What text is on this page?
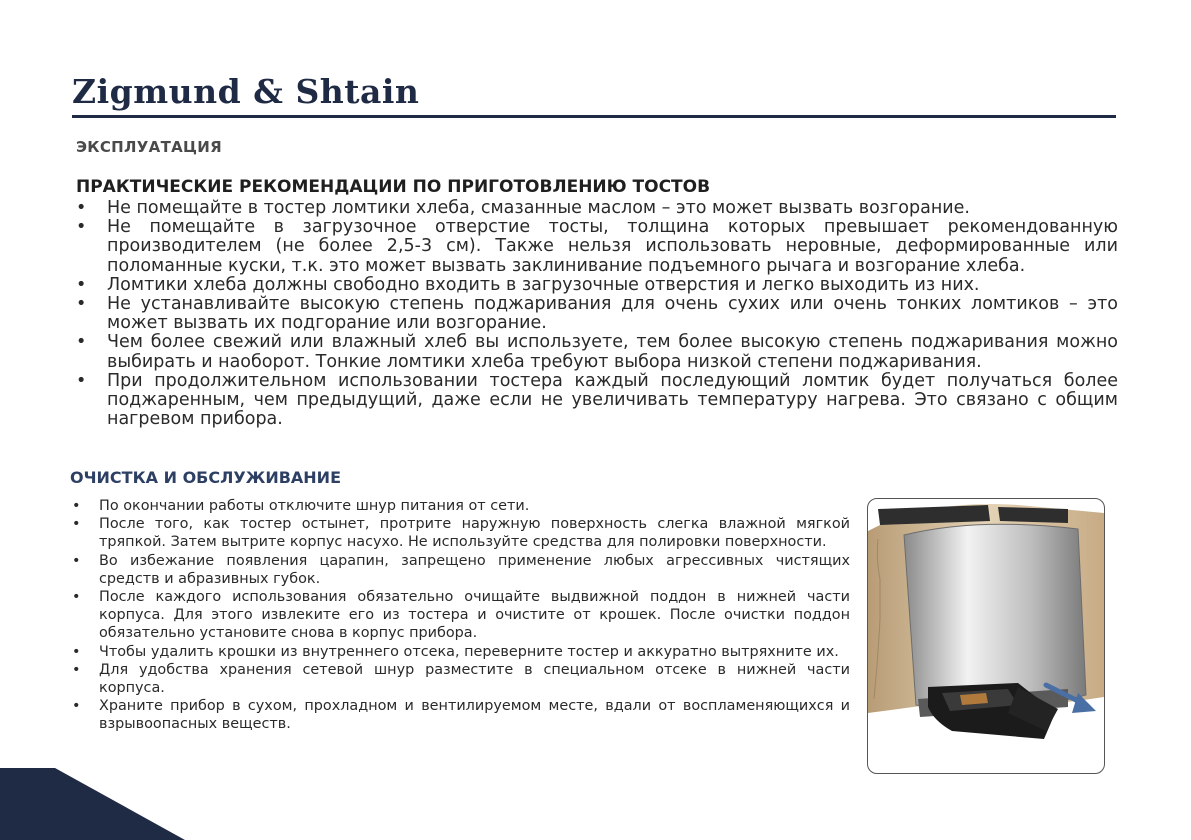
Zigmund & Shtain
ЭКСПЛУАТАЦИЯ
ПРАКТИЧЕСКИЕ РЕКОМЕНДАЦИИ ПО ПРИГОТОВЛЕНИЮ ТОСТОВ
• Не помещайте в тостер ломтики хлеба, смазанные маслом – это может вызвать возгорание.
• Не помещайте в загрузочное отверстие тосты, толщина которых превышает рекомендованную производителем (не более 2,5-3 см). Также нельзя использовать неровные, деформированные или поломанные куски, т.к. это может вызвать заклинивание подъемного рычага и возгорание хлеба.
• Ломтики хлеба должны свободно входить в загрузочные отверстия и легко выходить из них.
• Не устанавливайте высокую степень поджаривания для очень сухих или очень тонких ломтиков – это может вызвать их подгорание или возгорание.
• Чем более свежий или влажный хлеб вы используете, тем более высокую степень поджаривания можно выбирать и наоборот. Тонкие ломтики хлеба требуют выбора низкой степени поджаривания.
• При продолжительном использовании тостера каждый последующий ломтик будет получаться более поджаренным, чем предыдущий, даже если не увеличивать температуру нагрева. Это связано с общим нагревом прибора.
ОЧИСТКА И ОБСЛУЖИВАНИЕ
• По окончании работы отключите шнур питания от сети.
• После того, как тостер остынет, протрите наружную поверхность слегка влажной мягкой тряпкой. Затем вытрите корпус насухо. Не используйте средства для полировки поверхности.
• Во избежание появления царапин, запрещено применение любых агрессивных чистящих средств и абразивных губок.
• После каждого использования обязательно очищайте выдвижной поддон в нижней части корпуса. Для этого извлеките его из тостера и очистите от крошек. После очистки поддон обязательно установите снова в корпус прибора.
• Чтобы удалить крошки из внутреннего отсека, переверните тостер и аккуратно вытряхните их.
• Для удобства хранения сетевой шнур разместите в специальном отсеке в нижней части корпуса.
• Храните прибор в сухом, прохладном и вентилируемом месте, вдали от воспламеняющихся и взрывоопасных веществ.
